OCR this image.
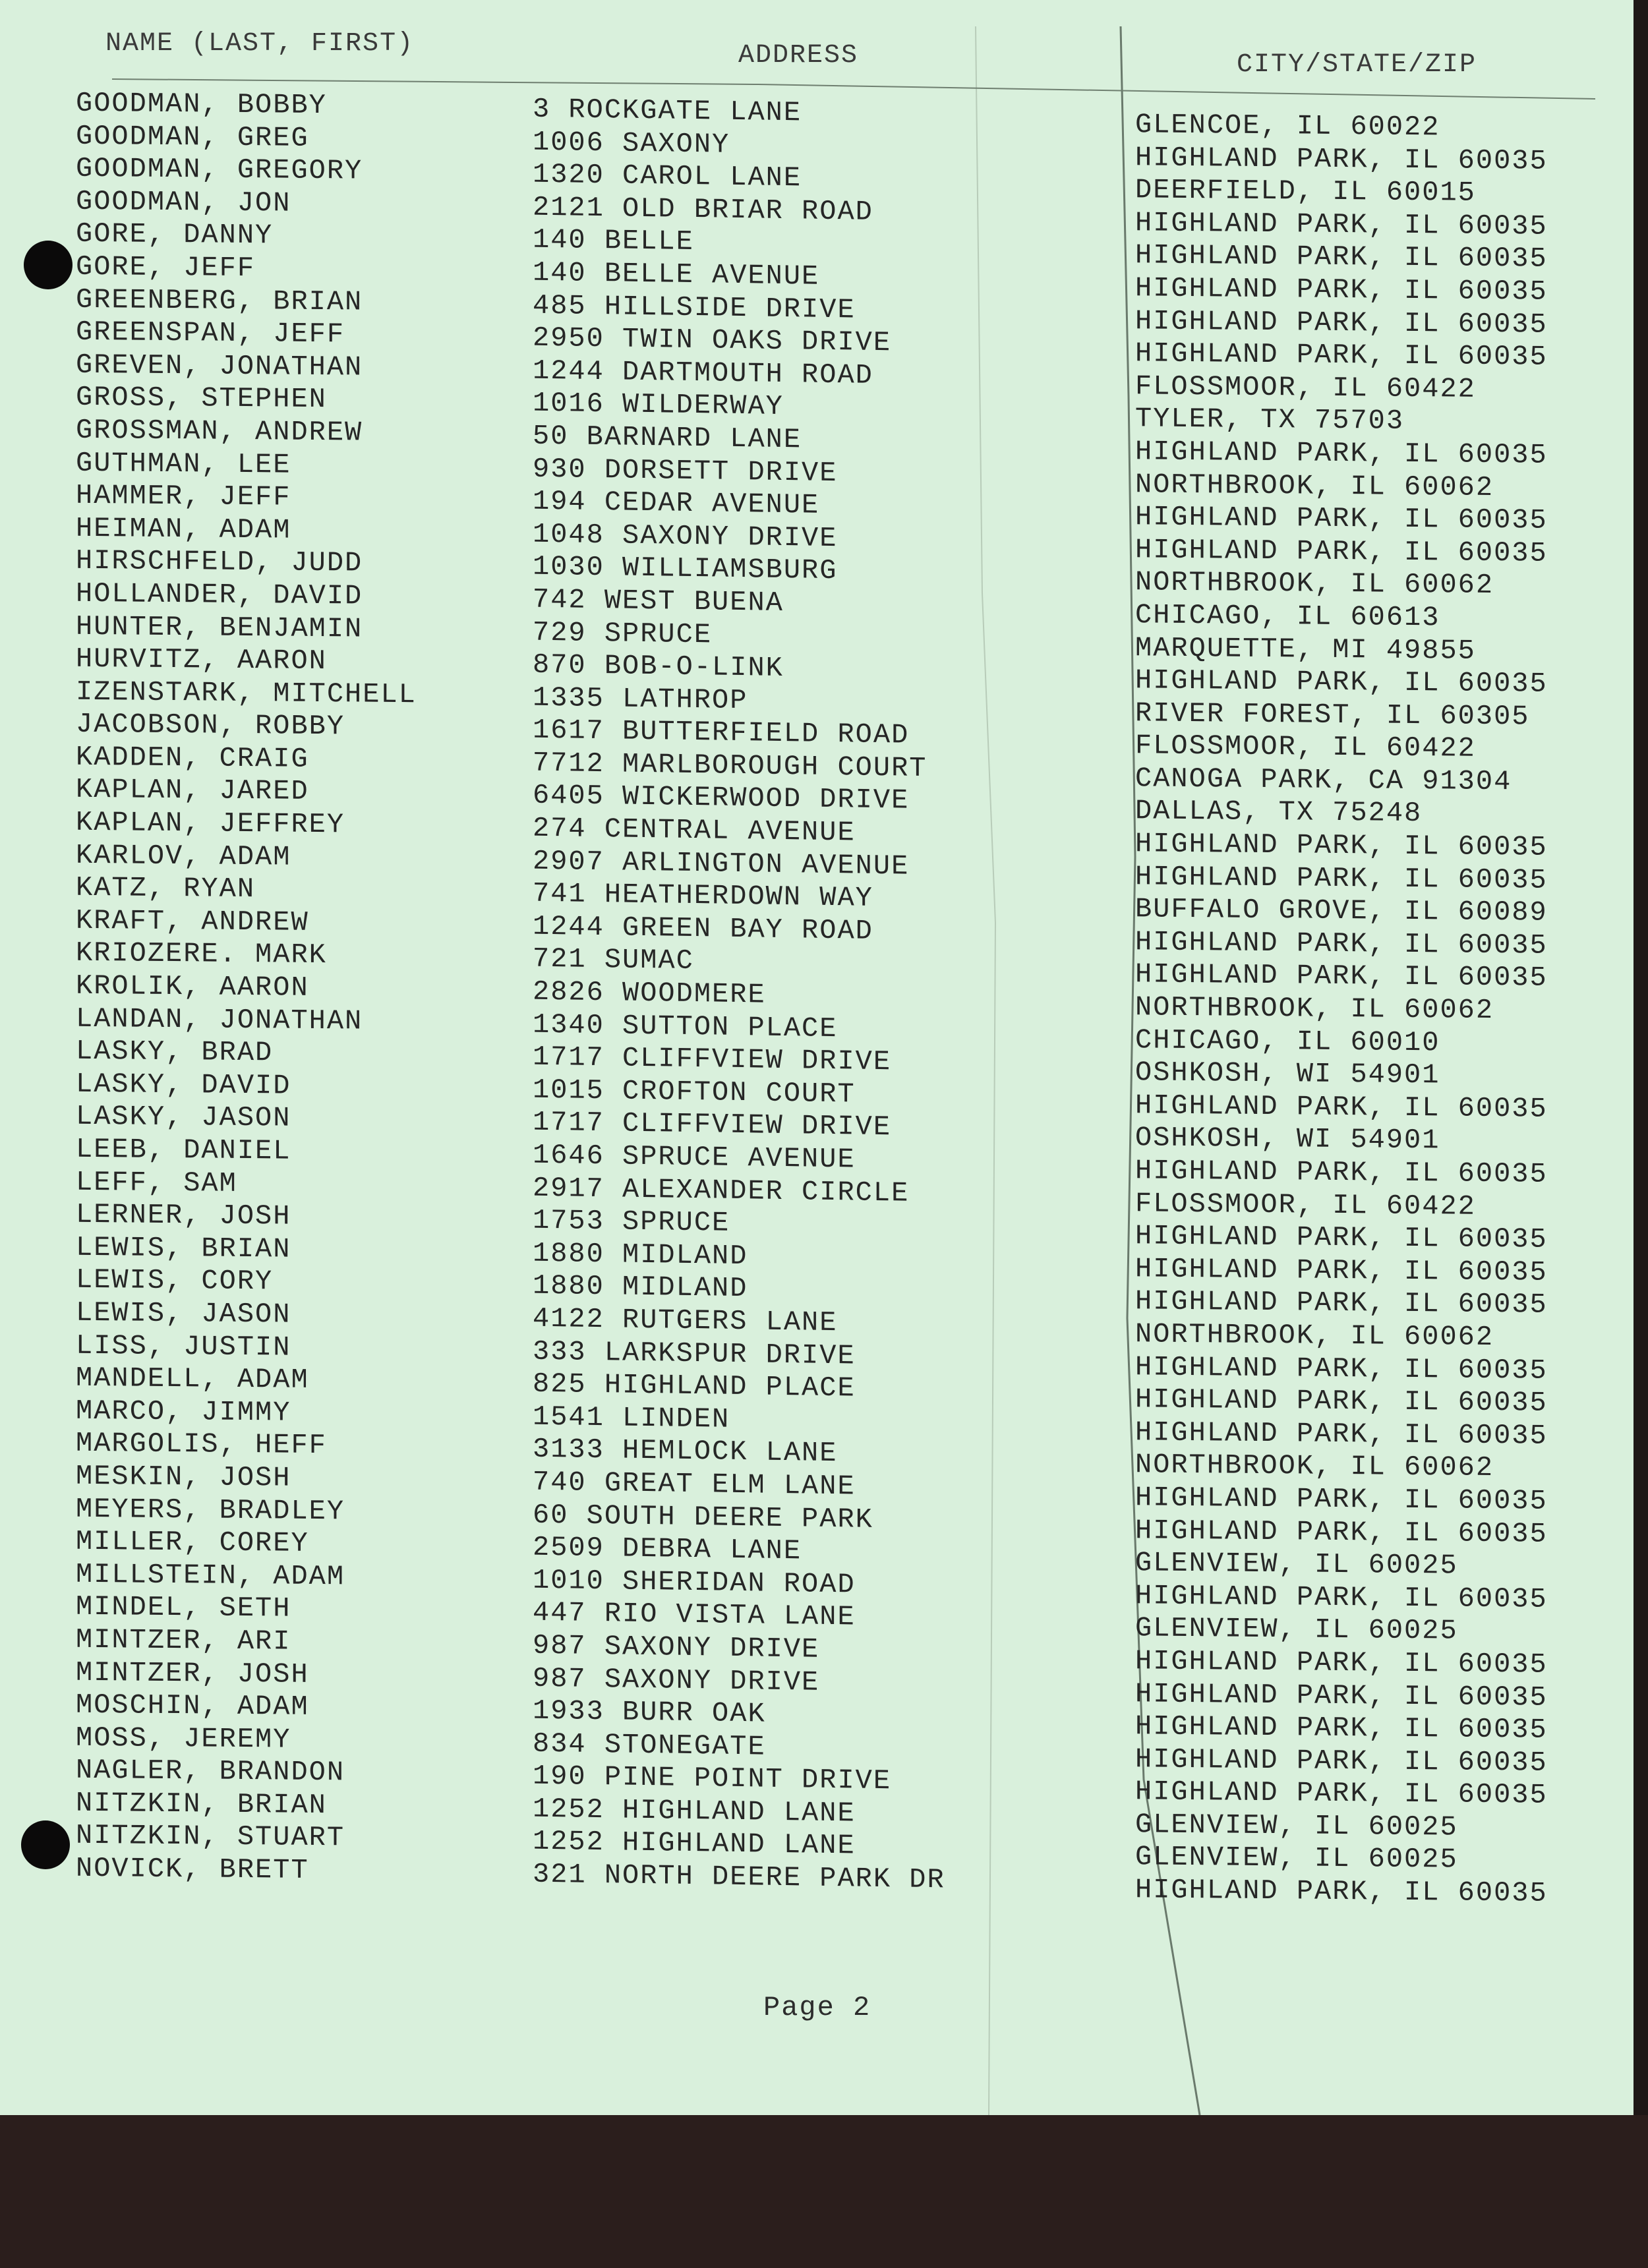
NAME (LAST, FIRST)	ADDRESS	CITY/STATE/ZIP
GOODMAN, BOBBY
GOODMAN, GREG
GOODMAN, GREGORY
GOODMAN, JON
GORE, DANNY
GORE, JEFF
GREENBERG, BRIAN
GREENSPAN, JEFF
GREVEN, JONATHAN
GROSS, STEPHEN
GROSSMAN, ANDREW
GUTHMAN, LEE
HAMMER, JEFF
HEIMAN, ADAM
HIRSCHFELD, JUDD
HOLLANDER, DAVID
HUNTER, BENJAMIN
HURVITZ, AARON
IZENSTARK, MITCHELL
JACOBSON, ROBBY
KADDEN, CRAIG
KAPLAN, JARED
KAPLAN, JEFFREY
KARLOV, ADAM
KATZ, RYAN
KRAFT, ANDREW
KRIOZERE. MARK
KROLIK, AARON
LANDAN, JONATHAN
LASKY, BRAD
LASKY, DAVID
LASKY, JASON
LEEB, DANIEL
LEFF, SAM
LERNER, JOSH
LEWIS, BRIAN
LEWIS, CORY
LEWIS, JASON
LISS, JUSTIN
MANDELL, ADAM
MARCO, JIMMY
MARGOLIS, HEFF
MESKIN, JOSH
MEYERS, BRADLEY
MILLER, COREY
MILLSTEIN, ADAM
MINDEL, SETH
MINTZER, ARI
MINTZER, JOSH
MOSCHIN, ADAM
MOSS, JEREMY
NAGLER, BRANDON
NITZKIN, BRIAN
NITZKIN, STUART
NOVICK, BRETT
3 ROCKGATE LANE
1006 SAXONY
1320 CAROL LANE
2121 OLD BRIAR ROAD
140 BELLE
140 BELLE AVENUE
485 HILLSIDE DRIVE
2950 TWIN OAKS DRIVE
1244 DARTMOUTH ROAD
1016 WILDERWAY
50 BARNARD LANE
930 DORSETT DRIVE
194 CEDAR AVENUE
1048 SAXONY DRIVE
1030 WILLIAMSBURG
742 WEST BUENA
729 SPRUCE
870 BOB-O-LINK
1335 LATHROP
1617 BUTTERFIELD ROAD
7712 MARLBOROUGH COURT
6405 WICKERWOOD DRIVE
274 CENTRAL AVENUE
2907 ARLINGTON AVENUE
741 HEATHERDOWN WAY
1244 GREEN BAY ROAD
721 SUMAC
2826 WOODMERE
1340 SUTTON PLACE
1717 CLIFFVIEW DRIVE
1015 CROFTON COURT
1717 CLIFFVIEW DRIVE
1646 SPRUCE AVENUE
2917 ALEXANDER CIRCLE
1753 SPRUCE
1880 MIDLAND
1880 MIDLAND
4122 RUTGERS LANE
333 LARKSPUR DRIVE
825 HIGHLAND PLACE
1541 LINDEN
3133 HEMLOCK LANE
740 GREAT ELM LANE
60 SOUTH DEERE PARK
2509 DEBRA LANE
1010 SHERIDAN ROAD
447 RIO VISTA LANE
987 SAXONY DRIVE
987 SAXONY DRIVE
1933 BURR OAK
834 STONEGATE
190 PINE POINT DRIVE
1252 HIGHLAND LANE
1252 HIGHLAND LANE
321 NORTH DEERE PARK DR
GLENCOE, IL 60022
HIGHLAND PARK, IL 60035
DEERFIELD, IL 60015
HIGHLAND PARK, IL 60035
HIGHLAND PARK, IL 60035
HIGHLAND PARK, IL 60035
HIGHLAND PARK, IL 60035
HIGHLAND PARK, IL 60035
FLOSSMOOR, IL 60422
TYLER, TX 75703
HIGHLAND PARK, IL 60035
NORTHBROOK, IL 60062
HIGHLAND PARK, IL 60035
HIGHLAND PARK, IL 60035
NORTHBROOK, IL 60062
CHICAGO, IL 60613
MARQUETTE, MI 49855
HIGHLAND PARK, IL 60035
RIVER FOREST, IL 60305
FLOSSMOOR, IL 60422
CANOGA PARK, CA 91304
DALLAS, TX 75248
HIGHLAND PARK, IL 60035
HIGHLAND PARK, IL 60035
BUFFALO GROVE, IL 60089
HIGHLAND PARK, IL 60035
HIGHLAND PARK, IL 60035
NORTHBROOK, IL 60062
CHICAGO, IL 60010
OSHKOSH, WI 54901
HIGHLAND PARK, IL 60035
OSHKOSH, WI 54901
HIGHLAND PARK, IL 60035
FLOSSMOOR, IL 60422
HIGHLAND PARK, IL 60035
HIGHLAND PARK, IL 60035
HIGHLAND PARK, IL 60035
NORTHBROOK, IL 60062
HIGHLAND PARK, IL 60035
HIGHLAND PARK, IL 60035
HIGHLAND PARK, IL 60035
NORTHBROOK, IL 60062
HIGHLAND PARK, IL 60035
HIGHLAND PARK, IL 60035
GLENVIEW, IL 60025
HIGHLAND PARK, IL 60035
GLENVIEW, IL 60025
HIGHLAND PARK, IL 60035
HIGHLAND PARK, IL 60035
HIGHLAND PARK, IL 60035
HIGHLAND PARK, IL 60035
HIGHLAND PARK, IL 60035
GLENVIEW, IL 60025
GLENVIEW, IL 60025
HIGHLAND PARK, IL 60035
Page 2
